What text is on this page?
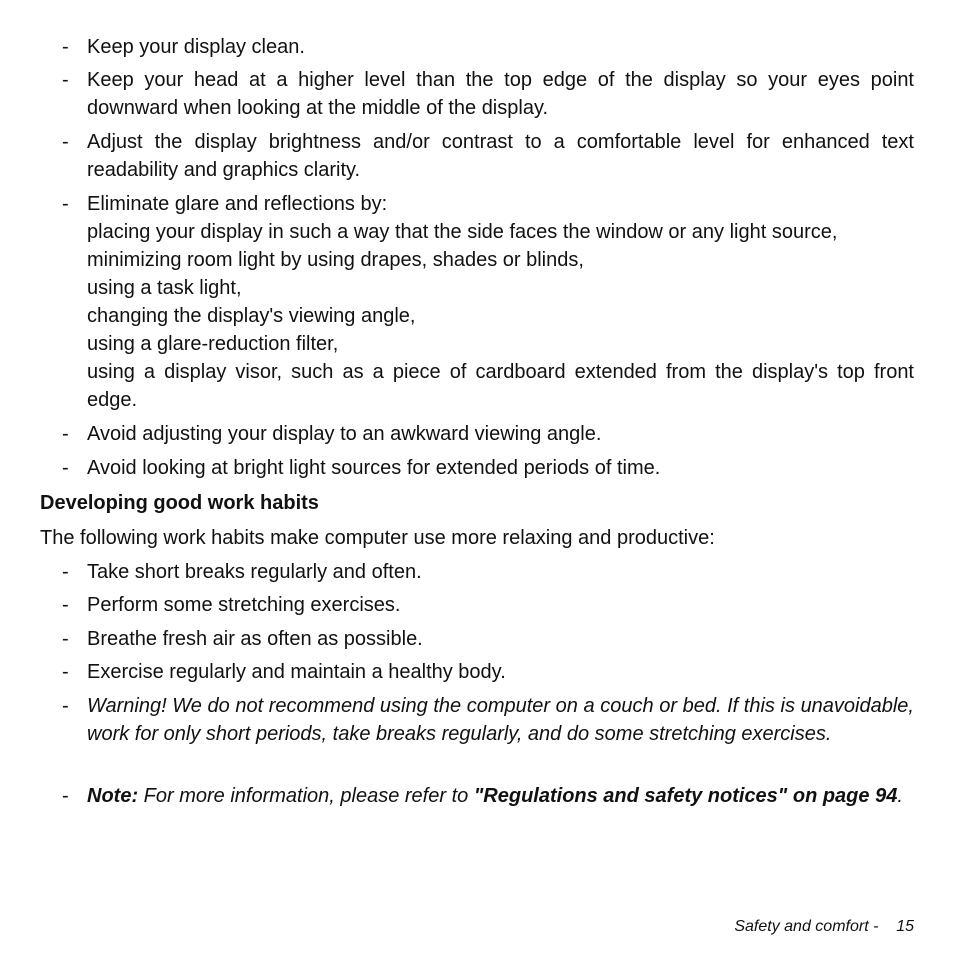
- Keep your display clean.
- Keep your head at a higher level than the top edge of the display so your eyes point downward when looking at the middle of the display.
- Adjust the display brightness and/or contrast to a comfortable level for enhanced text readability and graphics clarity.
- Eliminate glare and reflections by:
placing your display in such a way that the side faces the window or any light source,
minimizing room light by using drapes, shades or blinds,
using a task light,
changing the display's viewing angle,
using a glare-reduction filter,
using a display visor, such as a piece of cardboard extended from the display's top front edge.
- Avoid adjusting your display to an awkward viewing angle.
- Avoid looking at bright light sources for extended periods of time.
Developing good work habits
The following work habits make computer use more relaxing and productive:
- Take short breaks regularly and often.
- Perform some stretching exercises.
- Breathe fresh air as often as possible.
- Exercise regularly and maintain a healthy body.
- Warning! We do not recommend using the computer on a couch or bed. If this is unavoidable, work for only short periods, take breaks regularly, and do some stretching exercises.
- Note: For more information, please refer to "Regulations and safety notices" on page 94.
Safety and comfort - 15
